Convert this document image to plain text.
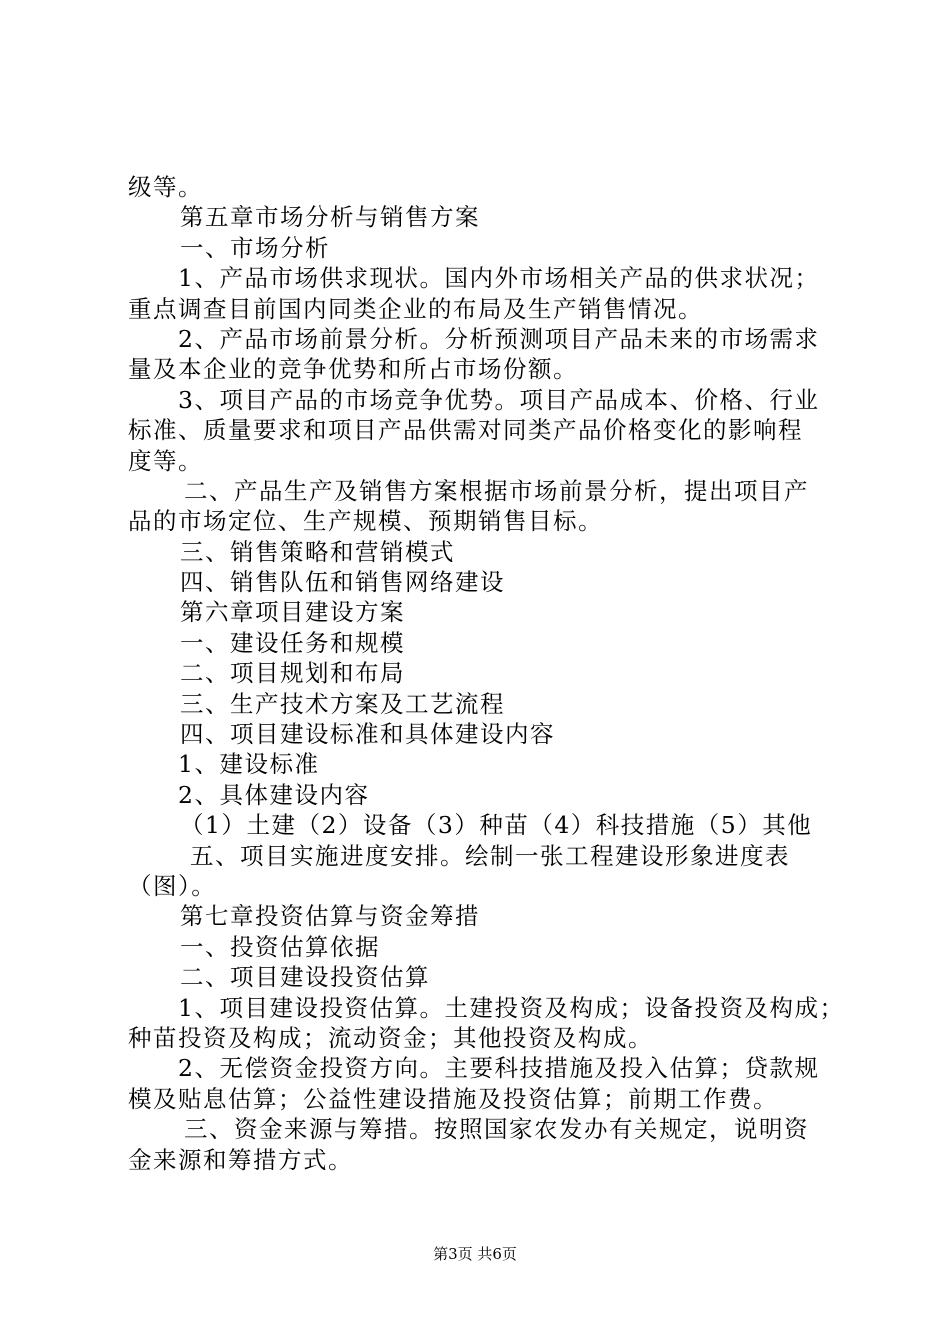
级等。
第五章市场分析与销售方案
一、市场分析
1、产品市场供求现状。国内外市场相关产品的供求状况；
重点调查目前国内同类企业的布局及生产销售情况。
2、产品市场前景分析。分析预测项目产品未来的市场需求
量及本企业的竞争优势和所占市场份额。
3、项目产品的市场竞争优势。项目产品成本、价格、行业
标准、质量要求和项目产品供需对同类产品价格变化的影响程
度等。
二、产品生产及销售方案根据市场前景分析，提出项目产
品的市场定位、生产规模、预期销售目标。
三、销售策略和营销模式
四、销售队伍和销售网络建设
第六章项目建设方案
一、建设任务和规模
二、项目规划和布局
三、生产技术方案及工艺流程
四、项目建设标准和具体建设内容
1、建设标准
2、具体建设内容
（1）土建（2）设备（3）种苗（4）科技措施（5）其他
五、项目实施进度安排。绘制一张工程建设形象进度表
（图）。
第七章投资估算与资金筹措
一、投资估算依据
二、项目建设投资估算
1、项目建设投资估算。土建投资及构成；设备投资及构成；
种苗投资及构成；流动资金；其他投资及构成。
2、无偿资金投资方向。主要科技措施及投入估算；贷款规
模及贴息估算；公益性建设措施及投资估算；前期工作费。
三、资金来源与筹措。按照国家农发办有关规定，说明资
金来源和筹措方式。
第3页 共6页
